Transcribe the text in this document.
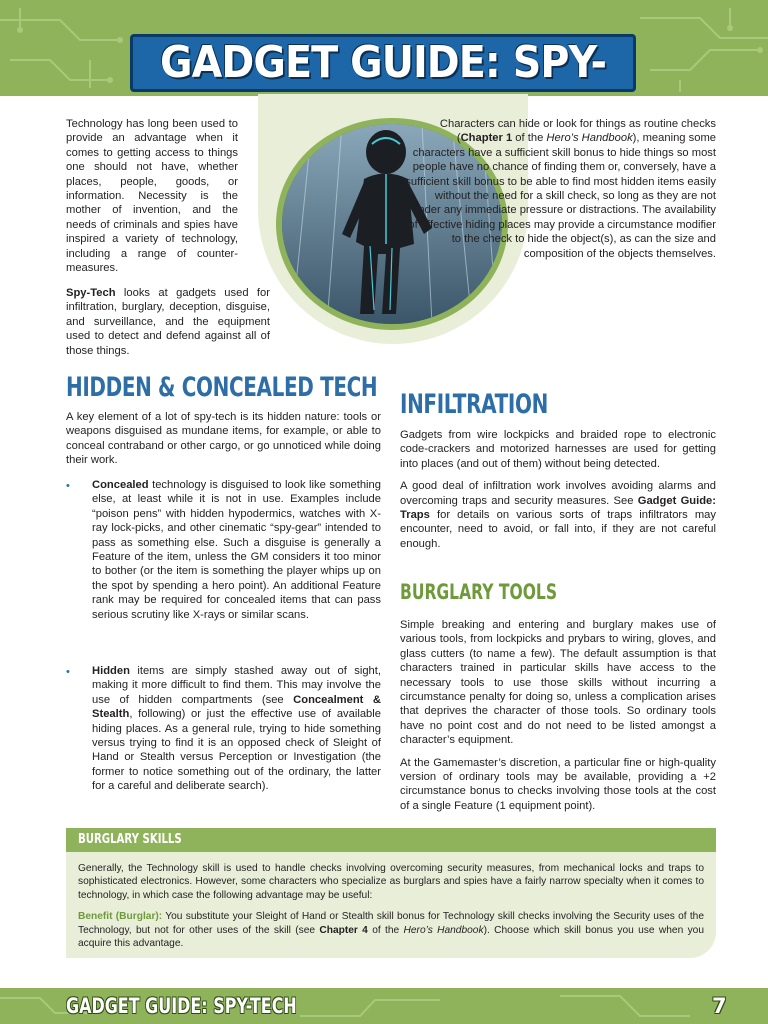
GADGET GUIDE: SPY-

Technology has long been used to provide an advantage when it comes to getting access to things one should not have, whether places, people, goods, or information. Necessity is the mother of invention, and the needs of criminals and spies have inspired a variety of technology, including a range of counter-measures.

Spy-Tech looks at gadgets used for infiltration, burglary, deception, disguise, and surveillance, and the equipment used to detect and defend against all of those things.

Characters can hide or look for things as routine checks (Chapter 1 of the Hero’s Handbook), meaning some characters have a sufficient skill bonus to hide things so most people have no chance of finding them or, conversely, have a sufficient skill bonus to be able to find most hidden items easily without the need for a skill check, so long as they are not under any immediate pressure or distractions. The availability of effective hiding places may provide a circumstance modifier to the check to hide the object(s), as can the size and composition of the objects themselves.

HIDDEN & CONCEALED TECH

A key element of a lot of spy-tech is its hidden nature: tools or weapons disguised as mundane items, for example, or able to conceal contraband or other cargo, or go unnoticed while doing their work.

• Concealed technology is disguised to look like something else, at least while it is not in use. Examples include “poison pens” with hidden hypodermics, watches with X-ray lock-picks, and other cinematic “spy-gear” intended to pass as something else. Such a disguise is generally a Feature of the item, unless the GM considers it too minor to bother (or the item is something the player whips up on the spot by spending a hero point). An additional Feature rank may be required for concealed items that can pass serious scrutiny like X-rays or similar scans.

• Hidden items are simply stashed away out of sight, making it more difficult to find them. This may involve the use of hidden compartments (see Concealment & Stealth, following) or just the effective use of available hiding places. As a general rule, trying to hide something versus trying to find it is an opposed check of Sleight of Hand or Stealth versus Perception or Investigation (the former to notice something out of the ordinary, the latter for a careful and deliberate search).

INFILTRATION

Gadgets from wire lockpicks and braided rope to electronic code-crackers and motorized harnesses are used for getting into places (and out of them) without being detected.

A good deal of infiltration work involves avoiding alarms and overcoming traps and security measures. See Gadget Guide: Traps for details on various sorts of traps infiltrators may encounter, need to avoid, or fall into, if they are not careful enough.

BURGLARY TOOLS

Simple breaking and entering and burglary makes use of various tools, from lockpicks and prybars to wiring, gloves, and glass cutters (to name a few). The default assumption is that characters trained in particular skills have access to the necessary tools to use those skills without incurring a circumstance penalty for doing so, unless a complication arises that deprives the character of those tools. So ordinary tools have no point cost and do not need to be listed amongst a character’s equipment.

At the Gamemaster’s discretion, a particular fine or high-quality version of ordinary tools may be available, providing a +2 circumstance bonus to checks involving those tools at the cost of a single Feature (1 equipment point).

BURGLARY SKILLS

Generally, the Technology skill is used to handle checks involving overcoming security measures, from mechanical locks and traps to sophisticated electronics. However, some characters who specialize as burglars and spies have a fairly narrow specialty when it comes to technology, in which case the following advantage may be useful:

Benefit (Burglar): You substitute your Sleight of Hand or Stealth skill bonus for Technology skill checks involving the Security uses of the Technology, but not for other uses of the skill (see Chapter 4 of the Hero’s Handbook). Choose which skill bonus you use when you acquire this advantage.

GADGET GUIDE: SPY-TECH	7
